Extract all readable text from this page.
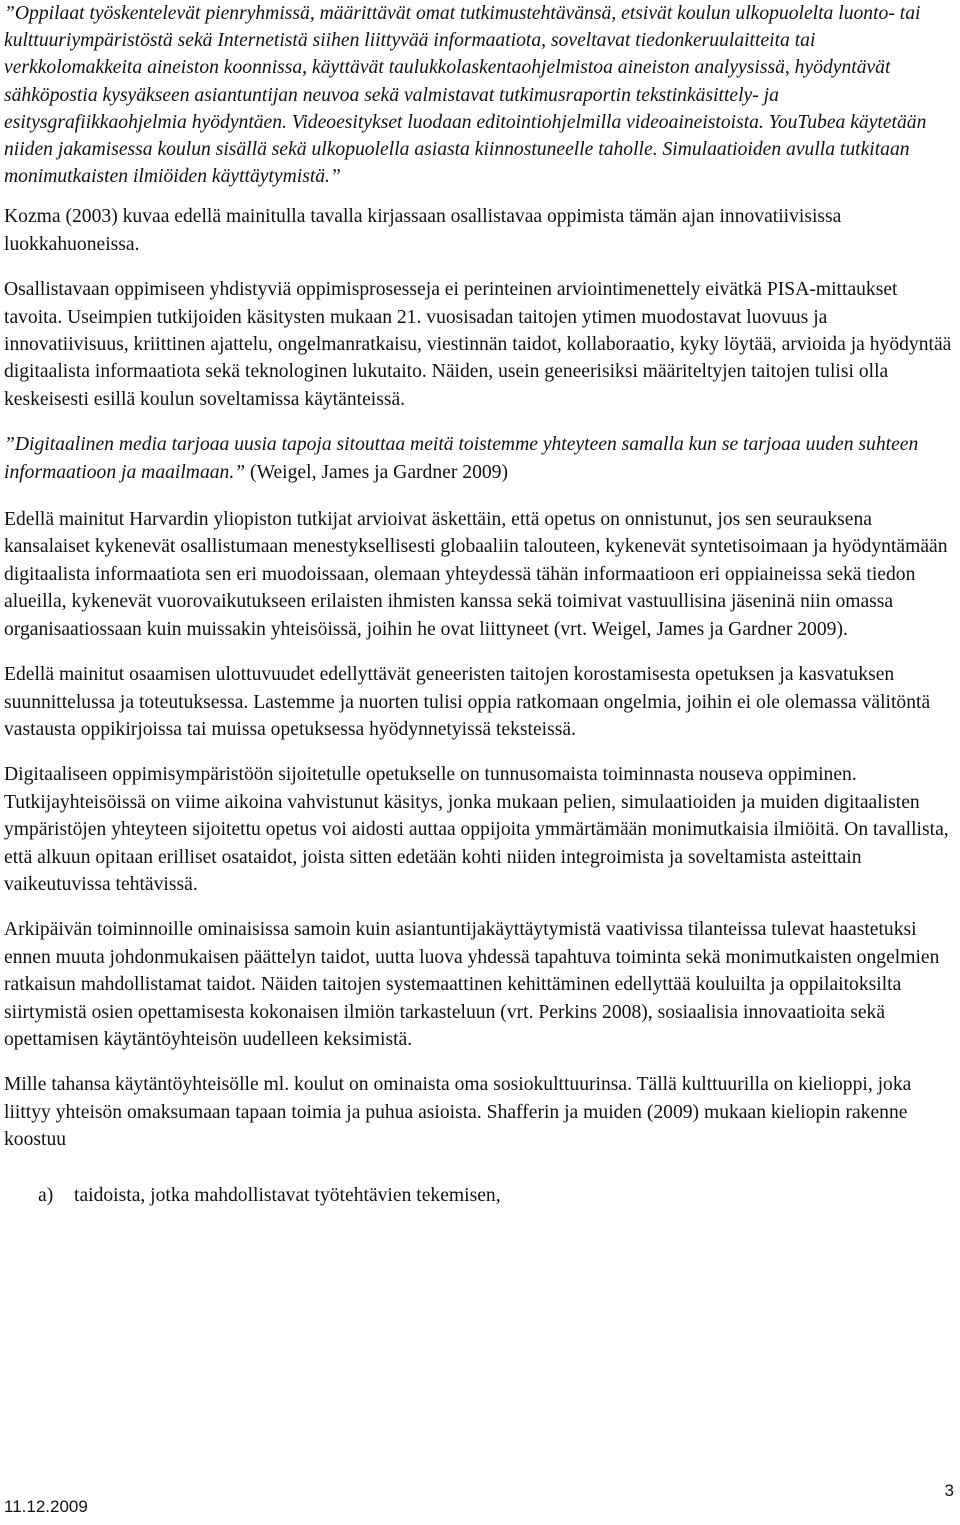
”Oppilaat työskentelevät pienryhmissä, määrittävät omat tutkimustehtävänsä, etsivät koulun ulkopuolelta luonto- tai kulttuuriympäristöstä sekä Internetistä siihen liittyvää informaatiota, soveltavat tiedonkeruulaitteita tai verkkolomakkeita aineiston koonnissa, käyttävät taulukkolaskentaohjelmistoa aineiston analyysissä, hyödyntävät sähköpostia kysyäkseen asiantuntijan neuvoa sekä valmistavat tutkimusraportin tekstinkäsittely- ja esitysgrafiikkaohjelmia hyödyntäen. Videoesitykset luodaan editointiohjelmilla videoaineistoista. YouTubea käytetään niiden jakamisessa koulun sisällä sekä ulkopuolella asiasta kiinnostuneelle taholle. Simulaatioiden avulla tutkitaan monimutkaisten ilmiöiden käyttäytymistä.”

Kozma (2003) kuvaa edellä mainitulla tavalla kirjassaan osallistavaa oppimista tämän ajan innovatiivisissa luokkahuoneissa.

Osallistavaan oppimiseen yhdistyviä oppimisprosesseja ei perinteinen arviointimenettely eivätkä PISA-mittaukset tavoita. Useimpien tutkijoiden käsitysten mukaan 21. vuosisadan taitojen ytimen muodostavat luovuus ja innovatiivisuus, kriittinen ajattelu, ongelmanratkaisu, viestinnän taidot, kollaboraatio, kyky löytää, arvioida ja hyödyntää digitaalista informaatiota sekä teknologinen lukutaito. Näiden, usein geneerisiksi määriteltyjen taitojen tulisi olla keskeisesti esillä koulun soveltamissa käytänteissä.

”Digitaalinen media tarjoaa uusia tapoja sitouttaa meitä toistemme yhteyteen samalla kun se tarjoaa uuden suhteen informaatioon ja maailmaan.” (Weigel, James ja Gardner 2009)

Edellä mainitut Harvardin yliopiston tutkijat arvioivat äskettäin, että opetus on onnistunut, jos sen seurauksena kansalaiset kykenevät osallistumaan menestyksellisesti globaaliin talouteen, kykenevät syntetisoimaan ja hyödyntämään digitaalista informaatiota sen eri muodoissaan, olemaan yhteydessä tähän informaatioon eri oppiaineissa sekä tiedon alueilla, kykenevät vuorovaikutukseen erilaisten ihmisten kanssa sekä toimivat vastuullisina jäseninä niin omassa organisaatiossaan kuin muissakin yhteisöissä, joihin he ovat liittyneet (vrt. Weigel, James ja Gardner 2009).

Edellä mainitut osaamisen ulottuvuudet edellyttävät geneeristen taitojen korostamisesta opetuksen ja kasvatuksen suunnittelussa ja toteutuksessa. Lastemme ja nuorten tulisi oppia ratkomaan ongelmia, joihin ei ole olemassa välitöntä vastausta oppikirjoissa tai muissa opetuksessa hyödynnetyissä teksteissä.

Digitaaliseen oppimisympäristöön sijoitetulle opetukselle on tunnusomaista toiminnasta nouseva oppiminen. Tutkijayhteisöissä on viime aikoina vahvistunut käsitys, jonka mukaan pelien, simulaatioiden ja muiden digitaalisten ympäristöjen yhteyteen sijoitettu opetus voi aidosti auttaa oppijoita ymmärtämään monimutkaisia ilmiöitä. On tavallista, että alkuun opitaan erilliset osataidot, joista sitten edetään kohti niiden integroimista ja soveltamista asteittain vaikeutuvissa tehtävissä.

Arkipäivän toiminnoille ominaisissa samoin kuin asiantuntijakäyttäytymistä vaativissa tilanteissa tulevat haastetuksi ennen muuta johdonmukaisen päättelyn taidot, uutta luova yhdessä tapahtuva toiminta sekä monimutkaisten ongelmien ratkaisun mahdollistamat taidot. Näiden taitojen systemaattinen kehittäminen edellyttää kouluilta ja oppilaitoksilta siirtymistä osien opettamisesta kokonaisen ilmiön tarkasteluun (vrt. Perkins 2008), sosiaalisia innovaatioita sekä opettamisen käytäntöyhteisön uudelleen keksimistä.

Mille tahansa käytäntöyhteisölle ml. koulut on ominaista oma sosiokulttuurinsa. Tällä kulttuurilla on kielioppi, joka liittyy yhteisön omaksumaan tapaan toimia ja puhua asioista. Shafferin ja muiden (2009) mukaan kieliopin rakenne koostuu

a)	taidoista, jotka mahdollistavat työtehtävien tekemisen,
11.12.2009
3
